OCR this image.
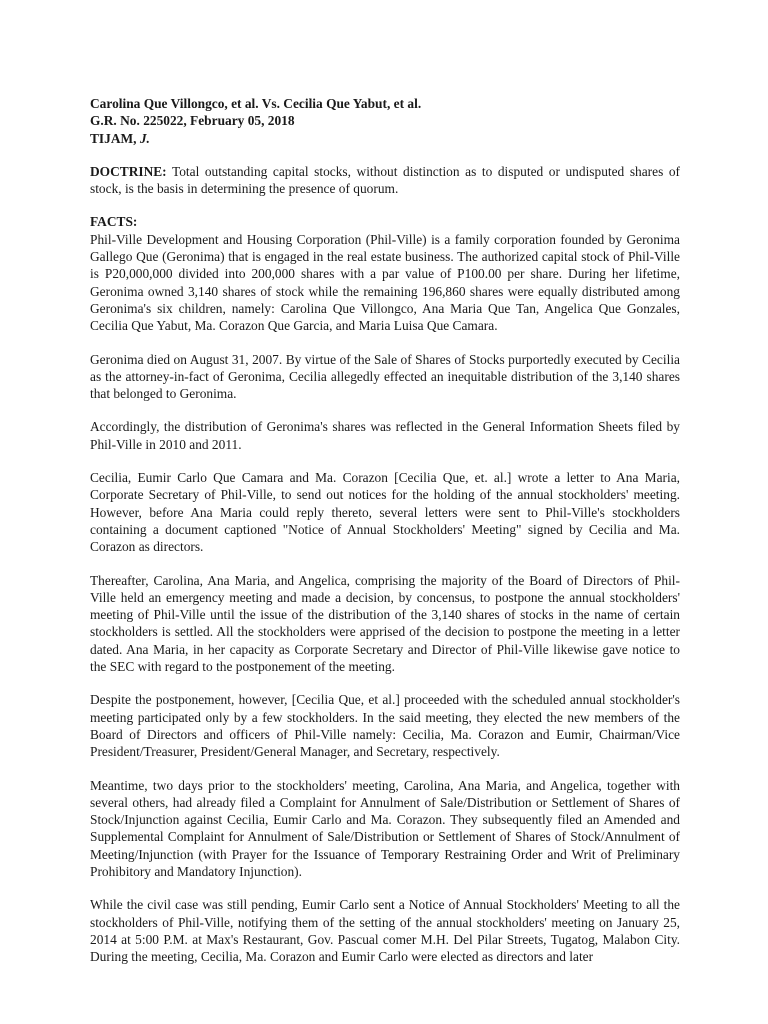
Carolina Que Villongco, et al. Vs. Cecilia Que Yabut, et al.
G.R. No. 225022, February 05, 2018
TIJAM, J.

DOCTRINE: Total outstanding capital stocks, without distinction as to disputed or undisputed shares of stock, is the basis in determining the presence of quorum.

FACTS:

Phil-Ville Development and Housing Corporation (Phil-Ville) is a family corporation founded by Geronima Gallego Que (Geronima) that is engaged in the real estate business. The authorized capital stock of Phil-Ville is P20,000,000 divided into 200,000 shares with a par value of P100.00 per share. During her lifetime, Geronima owned 3,140 shares of stock while the remaining 196,860 shares were equally distributed among Geronima's six children, namely: Carolina Que Villongco, Ana Maria Que Tan, Angelica Que Gonzales, Cecilia Que Yabut, Ma. Corazon Que Garcia, and Maria Luisa Que Camara.

Geronima died on August 31, 2007. By virtue of the Sale of Shares of Stocks purportedly executed by Cecilia as the attorney-in-fact of Geronima, Cecilia allegedly effected an inequitable distribution of the 3,140 shares that belonged to Geronima.

Accordingly, the distribution of Geronima's shares was reflected in the General Information Sheets filed by Phil-Ville in 2010 and 2011.

Cecilia, Eumir Carlo Que Camara and Ma. Corazon [Cecilia Que, et. al.] wrote a letter to Ana Maria, Corporate Secretary of Phil-Ville, to send out notices for the holding of the annual stockholders' meeting. However, before Ana Maria could reply thereto, several letters were sent to Phil-Ville's stockholders containing a document captioned "Notice of Annual Stockholders' Meeting" signed by Cecilia and Ma. Corazon as directors.

Thereafter, Carolina, Ana Maria, and Angelica, comprising the majority of the Board of Directors of Phil-Ville held an emergency meeting and made a decision, by concensus, to postpone the annual stockholders' meeting of Phil-Ville until the issue of the distribution of the 3,140 shares of stocks in the name of certain stockholders is settled. All the stockholders were apprised of the decision to postpone the meeting in a letter dated. Ana Maria, in her capacity as Corporate Secretary and Director of Phil-Ville likewise gave notice to the SEC with regard to the postponement of the meeting.

Despite the postponement, however, [Cecilia Que, et al.] proceeded with the scheduled annual stockholder's meeting participated only by a few stockholders. In the said meeting, they elected the new members of the Board of Directors and officers of Phil-Ville namely: Cecilia, Ma. Corazon and Eumir, Chairman/Vice President/Treasurer, President/General Manager, and Secretary, respectively.

Meantime, two days prior to the stockholders' meeting, Carolina, Ana Maria, and Angelica, together with several others, had already filed a Complaint for Annulment of Sale/Distribution or Settlement of Shares of Stock/Injunction against Cecilia, Eumir Carlo and Ma. Corazon. They subsequently filed an Amended and Supplemental Complaint for Annulment of Sale/Distribution or Settlement of Shares of Stock/Annulment of Meeting/Injunction (with Prayer for the Issuance of Temporary Restraining Order and Writ of Preliminary Prohibitory and Mandatory Injunction).

While the civil case was still pending, Eumir Carlo sent a Notice of Annual Stockholders' Meeting to all the stockholders of Phil-Ville, notifying them of the setting of the annual stockholders' meeting on January 25, 2014 at 5:00 P.M. at Max's Restaurant, Gov. Pascual comer M.H. Del Pilar Streets, Tugatog, Malabon City. During the meeting, Cecilia, Ma. Corazon and Eumir Carlo were elected as directors and later
